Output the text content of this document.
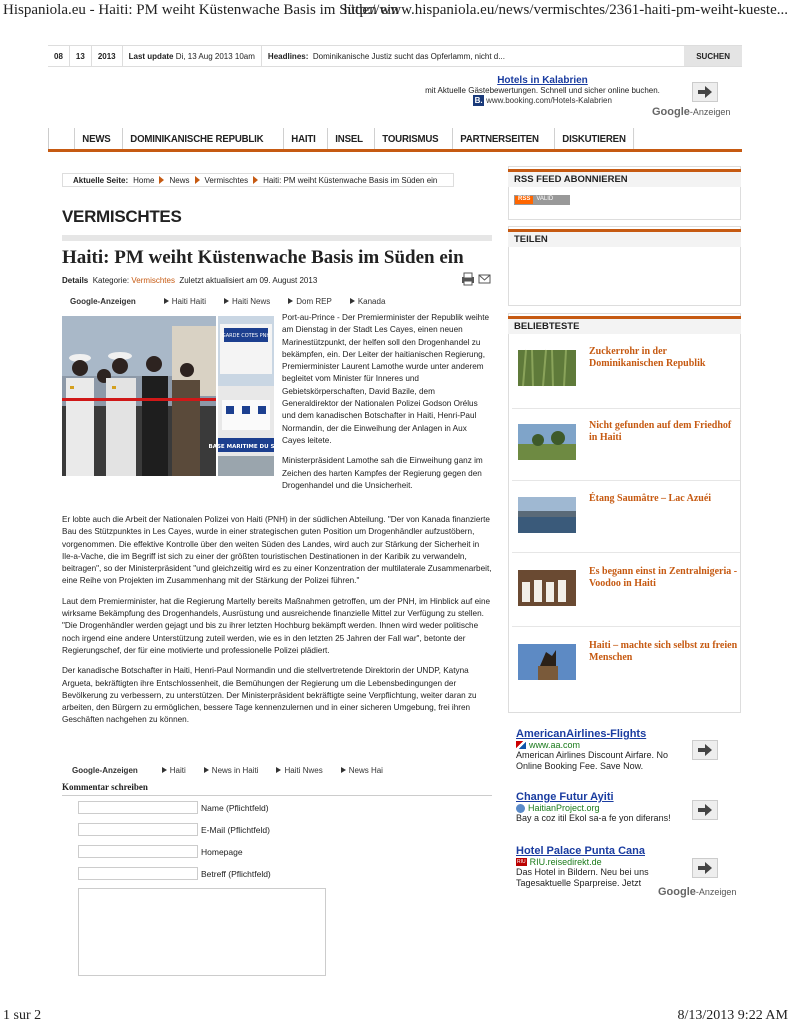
Hispaniola.eu - Haiti: PM weiht Küstenwache Basis im Süden ein
http://www.hispaniola.eu/news/vermischtes/2361-haiti-pm-weiht-kueste...
08 13 2013 Last update
Di, 13 Aug 2013 10am Headlines:
Dominikanische Justiz sucht das Opferlamm, nicht d...	SUCHEN
Hotels in Kalabrien
mit Aktuelle Gästebewertungen. Schnell und sicher online buchen.
B. www.booking.com/Hotels-Kalabrien
Google-Anzeigen
NEWS	DOMINIKANISCHE REPUBLIK	HAITI	INSEL	TOURISMUS	PARTNERSEITEN	DISKUTIEREN
Aktuelle Seite: Home News Vermischtes Haiti: PM weiht Küstenwache Basis im Süden ein
VERMISCHTES
Haiti: PM weiht Küstenwache Basis im Süden ein
Details Kategorie: Vermischtes Zuletzt aktualisiert am 09. August 2013
Google-Anzeigen	Haiti Haiti	Haiti News	Dom REP	Kanada
GARDE COTES PNH
BASE MARITIME DU SUD

Port-au-Prince - Der Premierminister der Republik weihte am Dienstag in der Stadt Les Cayes, einen neuen Marinestützpunkt, der helfen soll den Drogenhandel zu bekämpfen, ein. Der Leiter der haitianischen Regierung, Premierminister Laurent Lamothe wurde unter anderem begleitet vom Minister für Inneres und Gebietskörperschaften, David Bazile, dem Generaldirektor der Nationalen Polizei Godson Orélus und dem kanadischen Botschafter in Haiti, Henri-Paul Normandin, der die Einweihung der Anlagen in Aux Cayes leitete.

Ministerpräsident Lamothe sah die Einweihung ganz im Zeichen des harten Kampfes der Regierung gegen den Drogenhandel und die Unsicherheit.

Er lobte auch die Arbeit der Nationalen Polizei von Haiti (PNH) in der südlichen Abteilung. "Der von Kanada finanzierte Bau des Stützpunktes in Les Cayes, wurde in einer strategischen guten Position um Drogenhändler aufzustöbern, vorgenommen. Die effektive Kontrolle über den weiten Süden des Landes, wird auch zur Stärkung der Sicherheit in Ile-a-Vache, die im Begriff ist sich zu einer der größten touristischen Destinationen in der Karibik zu verwandeln, beitragen", so der Ministerpräsident "und gleichzeitig wird es zu einer Konzentration der multilaterale Zusammenarbeit, eine Reihe von Projekten im Zusammenhang mit der Stärkung der Polizei führen."

Laut dem Premierminister, hat die Regierung Martelly bereits Maßnahmen getroffen, um der PNH, im Hinblick auf eine wirksame Bekämpfung des Drogenhandels, Ausrüstung und ausreichende finanzielle Mittel zur Verfügung zu stellen. "Die Drogenhändler werden gejagt und bis zu ihrer letzten Hochburg bekämpft werden. Ihnen wird weder politische noch irgend eine andere Unterstützung zuteil werden, wie es in den letzten 25 Jahren der Fall war", betonte der Regierungschef, der für eine motivierte und professionelle Polizei plädiert.

Der kanadische Botschafter in Haiti, Henri-Paul Normandin und die stellvertretende Direktorin der UNDP, Katyna Argueta, bekräftigten ihre Entschlossenheit, die Bemühungen der Regierung um die Lebensbedingungen der Bevölkerung zu verbessern, zu unterstützen. Der Ministerpräsident bekräftigte seine Verpflichtung, weiter daran zu arbeiten, den Bürgern zu ermöglichen, bessere Tage kennenzulernen und in einer sicheren Umgebung, frei ihren Geschäften nachgehen zu können.

Google-Anzeigen	Haiti	News in Haiti	Haiti Nwes	News Hai
Kommentar schreiben
Name (Pflichtfeld)
E-Mail (Pflichtfeld)
Homepage
Betreff (Pflichtfeld)
RSS FEED ABONNIEREN
RSS	VALID
TEILEN
BELIEBTESTE
Zuckerrohr in der Dominikanischen Republik
Nicht gefunden auf dem Friedhof in Haiti
Étang Saumâtre – Lac Azuéi
Es begann einst in Zentralnigeria - Voodoo in Haiti
Haiti – machte sich selbst zu freien Menschen
AmericanAirlines-Flights
www.aa.com
American Airlines Discount Airfare. No Online Booking Fee. Save Now.
Change Futur Ayiti
HaitianProject.org
Bay a coz itil Ekol sa-a fe yon diferans!
Hotel Palace Punta Cana
RIU RIU.reisedirekt.de
Das Hotel in Bildern. Neu bei uns Tagesaktuelle Sparpreise. Jetzt
Google-Anzeigen
1 sur 2	8/13/2013 9:22 AM
